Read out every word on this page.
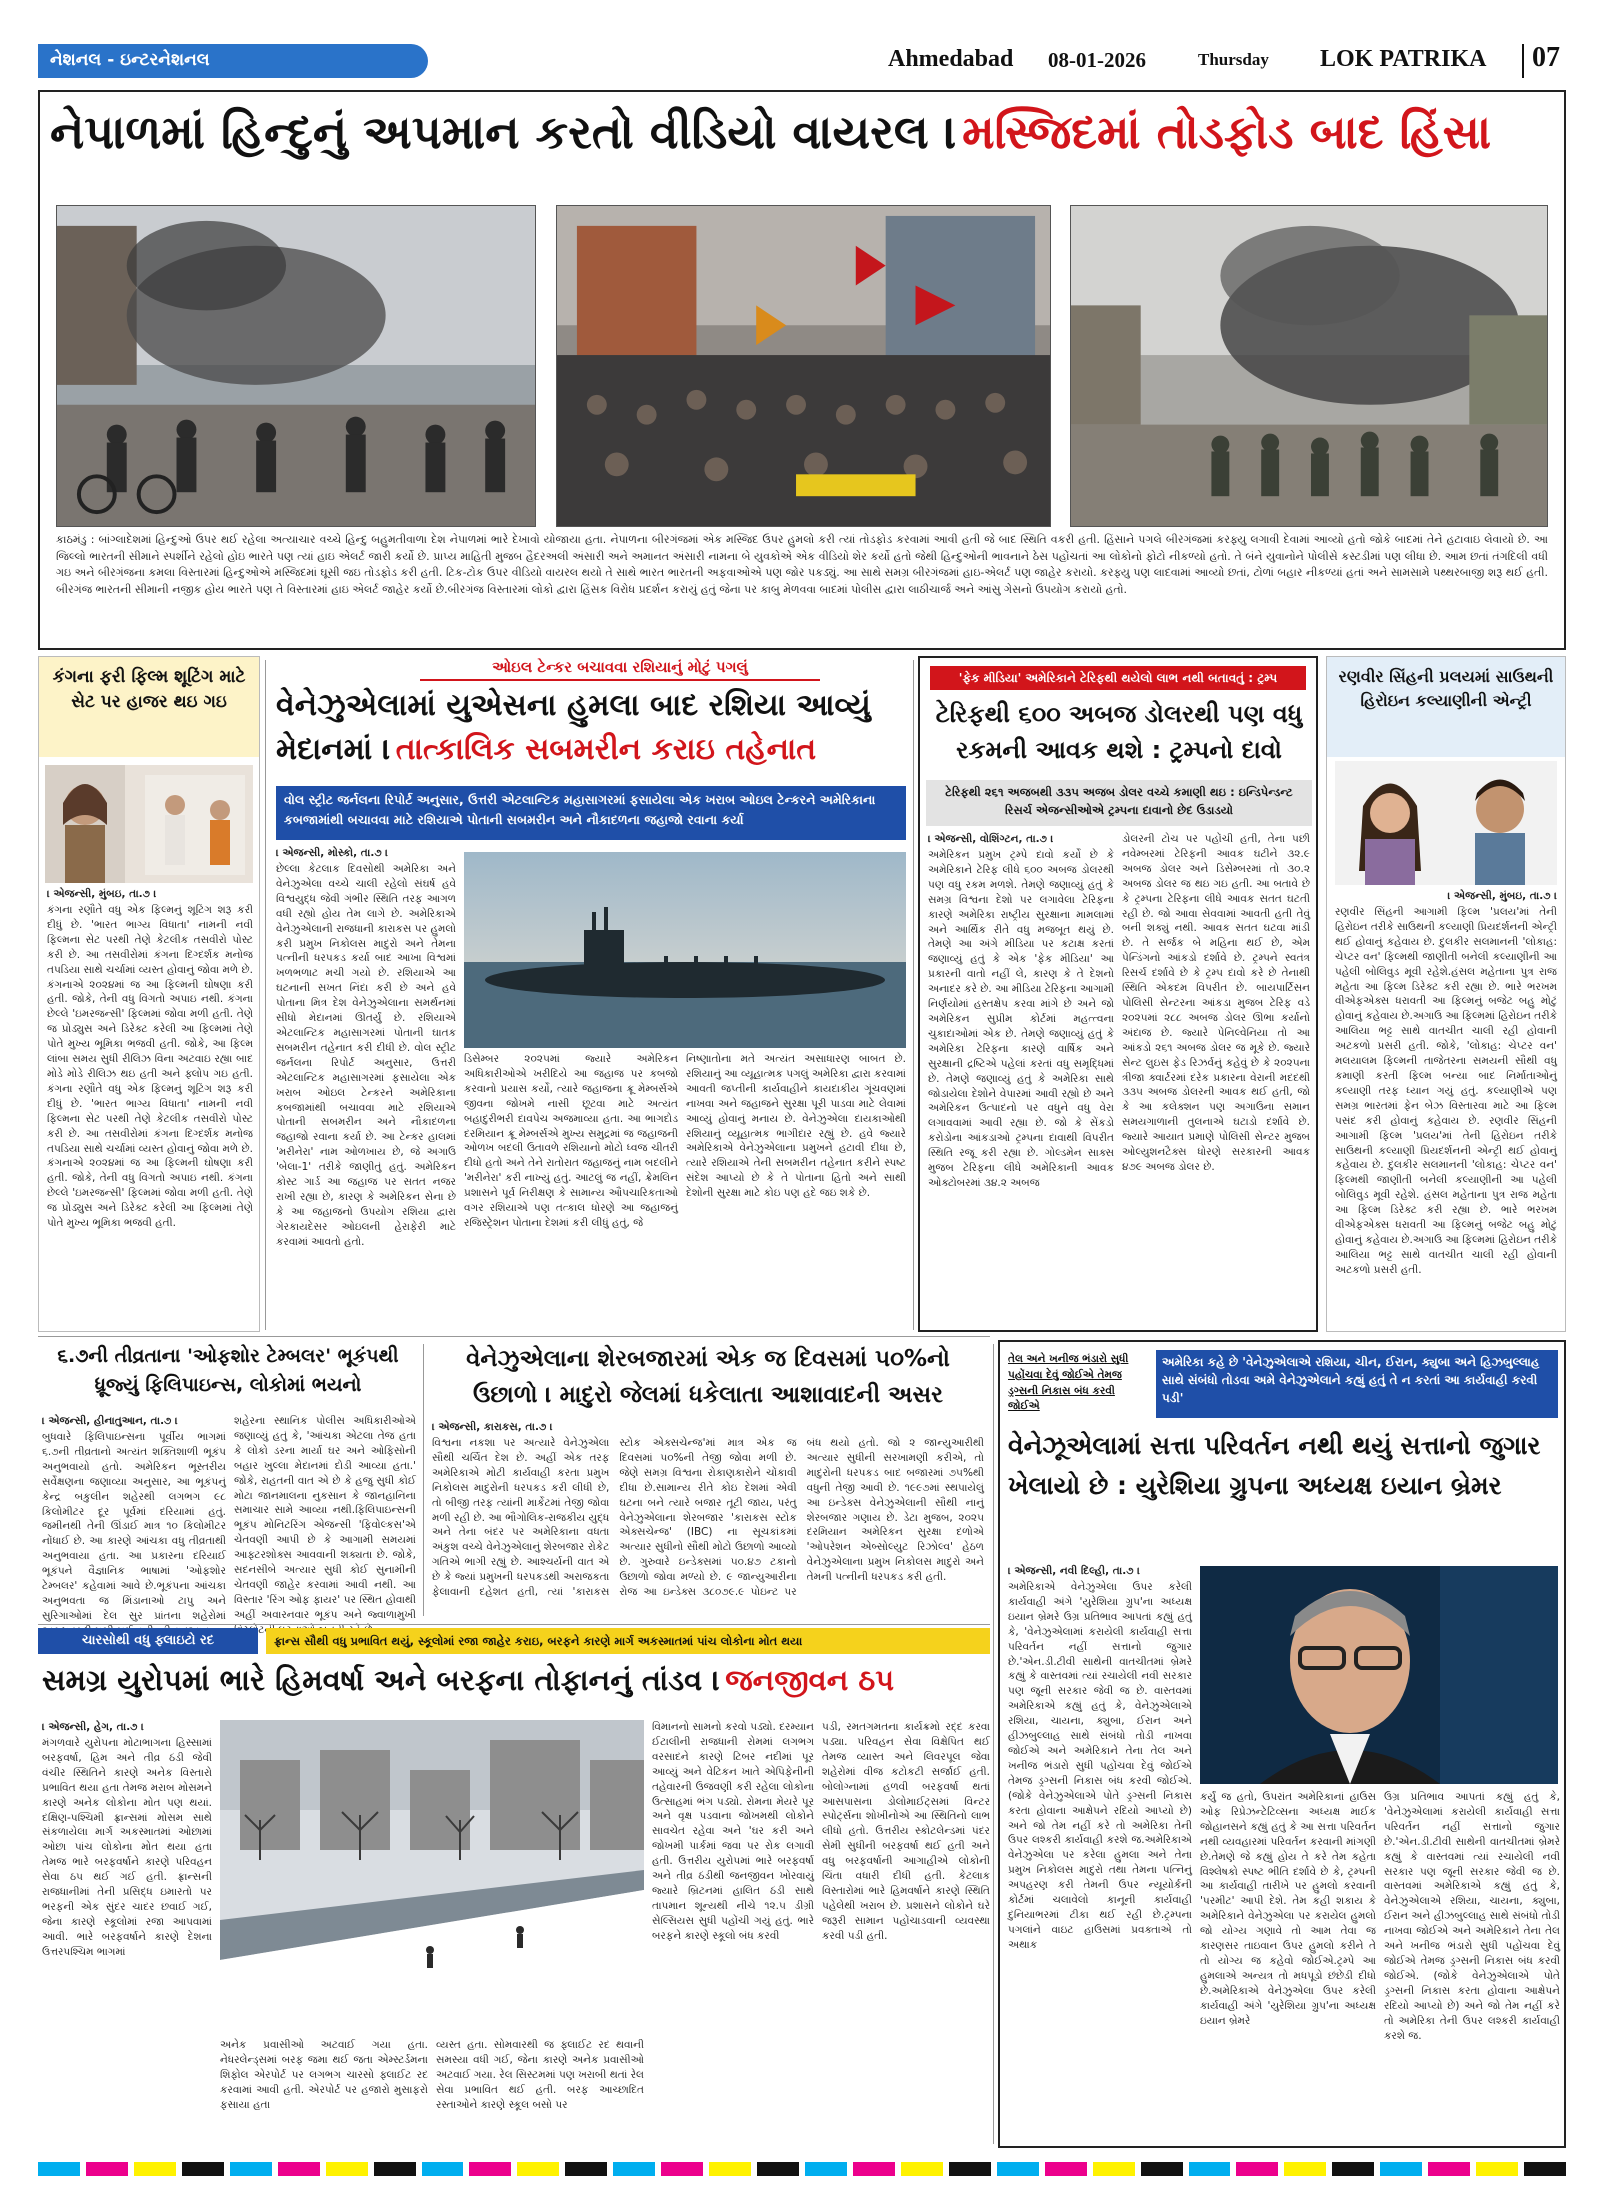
નેશનલ - ઇન્ટરનેશનલ	Ahmedabad 08-01-2026	Thursday LOK PATRIKA 07
નેપાળમાં હિન્દુનું અપમાન કરતો વીડિયો વાયરલ । મસ્જિદમાં તોડફોડ બાદ હિંસા
કાઠમંડુ : બાંગ્લાદેશમાં હિન્દુઓ ઉપર થઈ રહેલા અત્યાચાર વચ્ચે હિન્દુ બહુમતીવાળા દેશ નેપાળમાં ભારે દેખાવો યોજાયા હતા. નેપાળના બીરગંજમાં એક મસ્જિદ ઉપર હુમલો કરી ત્યાં તોડફોડ કરવામાં આવી હતી જે બાદ સ્થિતિ વકરી હતી. હિંસાને પગલે બીરગંજમાં કરફ્યુ લગાવી દેવામાં આવ્યો હતો જોકે બાદમાં તેને હટાવાઇ લેવાયો છે. આ જિલ્લો ભારતની સીમાને સ્પર્શીને રહેલો હોઇ ભારતે પણ ત્યાં હાઇ એલર્ટ જારી કર્યો છે. પ્રાપ્ય માહિતી મુજબ હૈદરઅલી અંસારી અને અમાનત અંસારી નામના બે યુવકોએ એક વીડિયો શેર કર્યો હતો જેથી હિન્દુઓની ભાવનાને ઠેસ પહોંચતાં આ લોકોનો ફોટો નીકળ્યો હતો. તે બંને યુવાનોને પોલીસે કસ્ટડીમાં પણ લીધા છે. આમ છતાં તંગદિલી વધી ગઇ અને બીરગંજના કમલા વિસ્તારમાં હિન્દુઓએ મસ્જિદમાં ઘૂસી જઇ તોડફોડ કરી હતી. ટિક-ટોક ઉપર વીડિયો વાયરલ થયો તે સાથે ભારત ભારતની અફવાઓએ પણ જોર પકડ્યું. આ સાથે સમગ્ર બીરગંજમાં હાઇ-એલર્ટ પણ જાહેર કરાયો. કરફ્યુ પણ લાદવામાં આવ્યો છતાં, ટોળાં બહાર નીકળ્યાં હતાં અને સામસામે પથ્થરબાજી શરૂ થઈ હતી. બીરગંજ ભારતની સીમાની નજીક હોય ભારતે પણ તે વિસ્તારમાં હાઇ એલર્ટ જાહેર કર્યો છે.બીરગંજ વિસ્તારમાં લોકો દ્વારા હિંસક વિરોધ પ્રદર્શન કરાયું હતું જેના પર કાબુ મેળવવા બાદમાં પોલીસ દ્વારા લાઠીચાર્જ અને આંસુ ગેસનો ઉપયોગ કરાયો હતો.
કંગના ફરી ફિલ્મ શૂટિંગ માટે સેટ પર હાજર થઇ ગઇ
। એજન્સી, મુંબઇ, તા.૭ ।
કંગના રણૌતે વધુ એક ફિલ્મનું શૂટિંગ શરૂ કરી દીધું છે. 'ભારત ભાગ્ય વિધાતા' નામની નવી ફિલ્મના સેટ પરથી તેણે કેટલીક તસવીરો પોસ્ટ કરી છે. આ તસવીરોમાં કંગના દિગ્દર્શક મનોજ તપડિયા સાથે ચર્ચામાં વ્યસ્ત હોવાનું જોવા મળે છે. કંગનાએ ૨૦૨૪માં જ આ ફિલ્મની ઘોષણા કરી હતી. જોકે, તેની વધુ વિગતો અપાઇ નથી. કંગના છેલ્લે 'ઇમરજન્સી' ફિલ્મમાં જોવા મળી હતી. તેણે જ પ્રોડ્યુસ અને ડિરેક્ટ કરેલી આ ફિલ્મમાં તેણે પોતે મુખ્ય ભૂમિકા ભજવી હતી. જોકે, આ ફિલ્મ લાંબા સમય સુધી રીલિઝ વિના અટવાઇ રહ્યા બાદ મોડે મોડે રીલિઝ થઇ હતી અને ફ્લોપ ગઇ હતી. કંગના રણૌતે વધુ એક ફિલ્મનું શૂટિંગ શરૂ કરી દીધું છે. 'ભારત ભાગ્ય વિધાતા' નામની નવી ફિલ્મના સેટ પરથી તેણે કેટલીક તસવીરો પોસ્ટ કરી છે. આ તસવીરોમાં કંગના દિગ્દર્શક મનોજ તપડિયા સાથે ચર્ચામાં વ્યસ્ત હોવાનું જોવા મળે છે. કંગનાએ ૨૦૨૪માં જ આ ફિલ્મની ઘોષણા કરી હતી. જોકે, તેની વધુ વિગતો અપાઇ નથી. કંગના છેલ્લે 'ઇમરજન્સી' ફિલ્મમાં જોવા મળી હતી. તેણે જ પ્રોડ્યુસ અને ડિરેક્ટ કરેલી આ ફિલ્મમાં તેણે પોતે મુખ્ય ભૂમિકા ભજવી હતી.
ઓઇલ ટેન્કર બચાવવા રશિયાનું મોટું પગલું
વેનેઝુએલામાં યુએસના હુમલા બાદ રશિયા આવ્યું મેદાનમાં । તાત્કાલિક સબમરીન કરાઇ તહેનાત
વોલ સ્ટ્રીટ જર્નલના રિપોર્ટ અનુસાર, ઉત્તરી એટલાન્ટિક મહાસાગરમાં ફસાયેલા એક ખરાબ ઓઇલ ટેન્કરને અમેરિકાના કબજામાંથી બચાવવા માટે રશિયાએ પોતાની સબમરીન અને નૌકાદળના જહાજો રવાના કર્યા
। એજન્સી, મોસ્કો, તા.૭ ।
છેલ્લા કેટલાક દિવસોથી અમેરિકા અને વેનેઝુએલા વચ્ચે ચાલી રહેલો સંઘર્ષ હવે વિશ્વયુદ્ધ જેવી ગંભીર સ્થિતિ તરફ આગળ વધી રહ્યો હોય તેમ લાગે છે. અમેરિકાએ વેનેઝુએલાની રાજધાની કારાકસ પર હુમલો કરી પ્રમુખ નિકોલસ માદુરો અને તેમના પત્નીની ધરપકડ કર્યા બાદ આખા વિશ્વમાં ખળભળાટ મચી ગયો છે. રશિયાએ આ ઘટનાની સખત નિંદા કરી છે અને હવે પોતાના મિત્ર દેશ વેનેઝુએલાના સમર્થનમાં સીધો મેદાનમાં ઊતર્યું છે. રશિયાએ એટલાન્ટિક મહાસાગરમાં પોતાની ઘાતક સબમરીન તહેનાત કરી દીધી છે. વોલ સ્ટ્રીટ જર્નલના રિપોર્ટ અનુસાર, ઉત્તરી એટલાન્ટિક મહાસાગરમાં ફસાયેલા એક ખરાબ ઓઇલ ટેન્કરને અમેરિકાના કબજામાંથી બચાવવા માટે રશિયાએ પોતાની સબમરીન અને નૌકાદળના જહાજો રવાના કર્યા છે. આ ટેન્કર હાલમાં 'મરીનેરા' નામ ઓળખાય છે, જે અગાઉ 'બેલા-1' તરીકે જાણીતું હતું. અમેરિકન કોસ્ટ ગાર્ડ આ જહાજ પર સતત નજર રાખી રહ્યા છે, કારણ કે અમેરિકન સેના છે કે આ જહાજનો ઉપયોગ રશિયા દ્વારા ગેરકાયદેસર ઓઇલની હેરાફેરી માટે કરવામાં આવતો હતો.
ડિસેમ્બર ૨૦૨૫માં જ્યારે અમેરિકન અધિકારીઓએ ખરીદિયે આ જહાજ પર કબજો કરવાનો પ્રયાસ કર્યો, ત્યારે જહાજના ક્રૂ મેમ્બર્સએ જીવના જોખમે નાસી છૂટવા માટે અત્યંત બહાદુરીભરી દાવપેચ અજમાવ્યા હતા. આ ભાગદોડ દરમિયાન ક્રૂ મેમ્બર્સએ મુખ્ય સમુદ્રમાં જ જહાજની ઓળખ બદલી ઉતાવળે રશિયાનો મોટો ધ્વજ ચીતરી દીધો હતો અને તેને રાતોરાત જહાજનું નામ બદલીને 'મરીનેરા' કરી નાખ્યું હતું. આટલું જ નહીં, ક્રેમલિન પ્રશાસને પૂર્વ નિરીક્ષણ કે સામાન્ય ઔપચારિકતાઓ વગર રશિયાએ પણ તત્કાલ ધોરણે આ જહાજનું રજિસ્ટ્રેશન પોતાના દેશમાં કરી લીધું હતું, જે
નિષ્ણાતોના મતે અત્યંત અસાધારણ બાબત છે. રશિયાનું આ વ્યૂહાત્મક પગલું અમેરિકા દ્વારા કરવામાં આવતી જપ્તીની કાર્યવાહીને કાયદાકીય ગૂંચવણમાં નાખવા અને જહાજને સુરક્ષા પૂરી પાડવા માટે લેવામાં આવ્યું હોવાનું મનાય છે. વેનેઝુએલા દાયકાઓથી રશિયાનું વ્યૂહાત્મક ભાગીદાર રહ્યું છે. હવે જ્યારે અમેરિકાએ વેનેઝુએલાના પ્રમુખને હટાવી દીધા છે, ત્યારે રશિયાએ તેની સબમરીન તહેનાત કરીને સ્પષ્ટ સંદેશ આપ્યો છે કે તે પોતાના હિતો અને સાથી દેશોની સુરક્ષા માટે કોઇ પણ હદે જઇ શકે છે.
'ફેક મીડિયા' અમેરિકાને ટેરિફથી થયેલો લાભ નથી બતાવતું : ટ્રમ્પ
ટેરિફથી ૬૦૦ અબજ ડોલરથી પણ વધુ રકમની આવક થશે : ટ્રમ્પનો દાવો
ટેરિફથી ૨૬૧ અજબથી ૩૩૫ અજબ ડોલર વચ્ચે કમાણી થઇ : ઇન્ડિપેન્ડન્ટ રિસર્ચ એજન્સીઓએ ટ્રમ્પના દાવાનો છેદ ઉડાડયો
। એજન્સી, વોશિંગ્ટન, તા.૭ ।
અમેરિકન પ્રમુખ ટ્રમ્પે દાવો કર્યો છે કે અમેરિકાને ટેરિફ લીધે ૬૦૦ અબજ ડોલરથી પણ વધુ રકમ મળશે. તેમણે જણાવ્યું હતું કે સમગ્ર વિશ્વના દેશો પર લગાવેલા ટેરિફના કારણે અમેરિકા રાષ્ટ્રીય સુરક્ષાના મામલામાં અને આર્થિક રીતે વધુ મજબૂત થયું છે. તેમણે આ અંગે મીડિયા પર કટાક્ષ કરતાં જણાવ્યું હતું કે એક 'ફેક મીડિયા' આ પ્રકારની વાતો નહીં લે, કારણ કે તે દેશનો અનાદર કરે છે. આ મીડિયા ટેરિફના આગામી નિર્ણયોમાં હસ્તક્ષેપ કરવા માંગે છે અને જો અમેરિકન સુપ્રીમ કોર્ટમાં મહત્ત્વના ચુકાદાઓમાં એક છે. તેમણે જણાવ્યું હતું કે અમેરિકા ટેરિફના કારણે વાર્ષિક અને સુરક્ષાની દ્રષ્ટિએ પહેલાં કરતાં વધુ સમૃદ્ધિમાં છે. તેમણે જણાવ્યું હતું કે અમેરિકા સાથે જોડાયેલા દેશોને વેપારમાં આવી રહ્યો છે અને અમેરિકન ઉત્પાદનો પર વધુને વધુ વેરા લગાવવામાં આવી રહ્યા છે. જો કે સેંકડો કરોડોના આંકડાઓ ટ્રમ્પના દાવાથી વિપરીત સ્થિતિ રજૂ કરી રહ્યા છે. ગોલ્ડમેન સાક્સ મુજબ ટેરિફના લીધે અમેરિકાની આવક ઓક્ટોબરમાં ૩૪.૨ અબજ
ડોલરની ટોચ પર પહોંચી હતી, તેના પછી નવેમ્બરમાં ટેરિફની આવક ઘટીને ૩૨.૯ અબજ ડોલર અને ડિસેમ્બરમાં તો ૩૦.૨ અબજ ડોલર જ થઇ ગઇ હતી. આ બતાવે છે કે ટ્રમ્પના ટેરિફના લીધે આવક સતત ઘટતી રહી છે. જો આવા સેવવામાં આવતી હતી તેવું બની શક્યું નથી. આવક સતત ઘટવા માંડી છે. તે સર્જક બે મહિના થઈ છે, એમ પેન્ડિંગનો આંકડો દર્શાવે છે. ટ્રમ્પને સ્વતંત્ર રિસર્ચ દર્શાવે છે કે ટ્રમ્પ દાવો કરે છે તેનાથી સ્થિતિ એકદમ વિપરીત છે. બાયપાર્ટિસન પોલિસી સેન્ટરના આંકડા મુજબ ટેરિફ વડે ૨૦૨૫માં ૨૮૮ અબજ ડોલર ઊભા કર્યાનો અંદાજ છે. જ્યારે પેનિલ્વેનિયા તો આ આંકડો ૨૬૧ અબજ ડોલર જ મૂકે છે. જ્યારે સેન્ટ લુઇસ ફેડ રિઝર્વનું કહેવું છે કે ૨૦૨૫ના ત્રીજા ક્વાર્ટરમાં દરેક પ્રકારના વેરાની મદદથી ૩૩૫ અબજ ડોલરની આવક થઈ હતી, જો કે આ કલેક્શન પણ અગાઉના સમાન સમયગાળાની તુલનાએ ઘટાડો દર્શાવે છે. જ્યારે આયાત પ્રમાણે પોલિસી સેન્ટર મુજબ ઓલ્યુશનટૈક્સ ધોરણે સરકારની આવક ૪૭૯ અબજ ડોલર છે.
રણવીર સિંહની પ્રલયમાં સાઉથની હિરોઇન કલ્યાણીની એન્ટ્રી
। એજન્સી, મુંબઇ, તા.૭ ।
રણવીર સિંહની આગામી ફિલ્મ 'પ્રલય'માં તેની હિરોઇન તરીકે સાઉથની કલ્યાણી પ્રિયદર્શનની એન્ટ્રી થઈ હોવાનું કહેવાય છે. દુલકીર સલમાનની 'લોકાહ: ચેપ્ટર વન' ફિલ્મથી જાણીતી બનેલી કલ્યાણીની આ પહેલી બોલિવુડ મૂવી રહેશે.હંસલ મહેતાના પુત્ર રાજ મહેતા આ ફિલ્મ ડિરેક્ટ કરી રહ્યા છે. ભારે ભરખમ વીએફએક્સ ધરાવતી આ ફિલ્મનું બજેટ બહુ મોટું હોવાનું કહેવાય છે.અગાઉ આ ફિલ્મમાં હિરોઇન તરીકે આલિયા ભટ્ટ સાથે વાતચીત ચાલી રહી હોવાની અટકળો પ્રસરી હતી. જોકે, 'લોકાહ: ચેપ્ટર વન' મલયાલમ ફિલ્મની તાજેતરના સમયની સૌથી વધુ કમાણી કરતી ફિલ્મ બન્યા બાદ નિર્માતાઓનું કલ્યાણી તરફ ધ્યાન ગયું હતું. કલ્યાણીએ પણ સમગ્ર ભારતમાં ફેન બેઝ વિસ્તારવા માટે આ ફિલ્મ પસંદ કરી હોવાનું કહેવાય છે. રણવીર સિંહની આગામી ફિલ્મ 'પ્રલય'માં તેની હિરોઇન તરીકે સાઉથની કલ્યાણી પ્રિયદર્શનની એન્ટ્રી થઈ હોવાનું કહેવાય છે. દુલકીર સલમાનની 'લોકાહ: ચેપ્ટર વન' ફિલ્મથી જાણીતી બનેલી કલ્યાણીની આ પહેલી બોલિવુડ મૂવી રહેશે. હંસલ મહેતાના પુત્ર રાજ મહેતા આ ફિલ્મ ડિરેક્ટ કરી રહ્યા છે. ભારે ભરખમ વીએફએક્સ ધરાવતી આ ફિલ્મનું બજેટ બહુ મોટું હોવાનું કહેવાય છે.અગાઉ આ ફિલ્મમાં હિરોઇન તરીકે આલિયા ભટ્ટ સાથે વાતચીત ચાલી રહી હોવાની અટકળો પ્રસરી હતી.
૬.૭ની તીવ્રતાના 'ઓફશોર ટેમ્બલર' ભૂકંપથી ધ્રૂજ્યું ફિલિપાઇન્સ, લોકોમાં ભયનો
। એજન્સી, હીનાતુઆન, તા.૭ ।
બુધવારે ફિલિપાઇન્સના પૂર્વીય ભાગમાં ૬.૭ની તીવ્રતાનો અત્યંત શક્તિશાળી ભૂકંપ અનુભવાયો હતો. અમેરિકન ભૂસ્તરીય સર્વેક્ષણના જણાવ્યા અનુસાર, આ ભૂકંપનું કેન્દ્ર બકુલીન શહેરથી લગભગ ૯૮ કિલોમીટર દૂર પૂર્વમાં દરિયામાં હતું. જમીનથી તેની ઊંડાઈ માત્ર ૧૦ કિલોમીટર નોંધાઈ છે. આ કારણે આંચકા વધુ તીવ્રતાથી અનુભવાયા હતા. આ પ્રકારના દરિયાઈ ભૂકંપને વૈજ્ઞાનિક ભાષામાં 'ઓફશોર ટેમ્બલર' કહેવામાં આવે છે.ભૂકંપના આંચકા અનુભવતા જ મિંડાનાઓ ટાપુ અને સુરિગાઓમાં દેલ સુર પ્રાંતના શહેરોમાં
શહેરના સ્થાનિક પોલીસ અધિકારીઓએ જણાવ્યું હતું કે, 'આંચકા એટલા તેજ હતા કે લોકો ડરના માર્યા ઘર અને ઓફિસોની બહાર ખુલ્લા મેદાનમાં દોડી આવ્યા હતા.' જોકે, રાહતની વાત એ છે કે હજુ સુધી કોઈ મોટા જાનમાલના નુકસાન કે જાનહાનિના સમાચાર સામે આવ્યા નથી.ફિલિપાઇન્સની ભૂકંપ મોનિટરિંગ એજન્સી 'ફિવોલ્કસ'એ ચેતવણી આપી છે કે આગામી સમયમાં આફ્ટરશોક્સ આવવાની શક્યતા છે. જોકે, સદનસીબે અત્યાર સુધી કોઈ સુનામીની ચેતવણી જાહેર કરવામાં આવી નથી. આ વિસ્તાર 'રિંગ ઓફ ફાયર' પર સ્થિત હોવાથી અહીં અવારનવાર ભૂકંપ અને જ્વાળામુખી
વેનેઝુએલાના શેરબજારમાં એક જ દિવસમાં ૫૦%નો ઉછાળો । માદુરો જેલમાં ધકેલાતા આશાવાદની અસર
। એજન્સી, કારાકસ, તા.૭ ।
વિશ્વના નકશા પર અત્યારે વેનેઝુએલા સૌથી ચર્ચિત દેશ છે. અહીં એક તરફ અમેરિકાએ મોટી કાર્યવાહી કરતા પ્રમુખ નિકોલસ માદુરોની ધરપકડ કરી લીધી છે, તો બીજી તરફ ત્યાંની માર્કેટમાં તેજી જોવા મળી રહી છે. આ ભૌગોલિક-રાજકીય યુદ્ધ અને તેના બંદર પર અમેરિકાના વધતા અંકુશ વચ્ચે વેનેઝુએલાનું શેરબજાર રોકેટ ગતિએ ભાગી રહ્યું છે. આશ્ચર્યની વાત એ છે કે જ્યાં પ્રમુખની ધરપકડથી અરાજકતા ફેલાવાની દહેશત હતી, ત્યાં 'કારાકસ સ્ટોક એક્સચેન્જ'માં માત્ર એક જ દિવસમાં ૫૦%ની તેજી જોવા મળી છે. જેણે સમગ્ર વિશ્વના રોકાણકારોને ચોંકાવી દીધા છે.સામાન્ય રીતે કોઇ દેશમાં એવી ઘટના બને ત્યારે બજાર તૂટી જાય, પરંતુ વેનેઝુએલાના શેરબજાર 'કારાકસ સ્ટોક એક્સચેન્જ' (IBC) ના સૂચકાંકમાં અત્યાર સુધીનો સૌથી મોટો ઉછાળો આવ્યો છે. ગુરુવારે ઇન્ડેક્સમાં ૫૦.૪૭ ટકાનો ઉછાળો જોવા મળ્યો છે. ૯ જાન્યુઆરીના રોજ આ ઇન્ડેક્સ ૩૮૦૭૯.૯ પોઇન્ટ પર બંધ થયો હતો. જો ૨ જાન્યુઆરીથી અત્યાર સુધીની સરખામણી કરીએ, તો માદુરોની ધરપકડ બાદ બજારમાં ૭૫%થી વધુની તેજી આવી છે. ૧૯૯૭માં સ્થપાયેલું આ ઇન્ડેક્સ વેનેઝુએલાની સૌથી નાનું શેરબજાર ગણાય છે. ડેટા મુજબ, ૨૦૨૫ દરમિયાન અમેરિકન સુરક્ષા દળોએ 'ઓપરેશન એબ્સોલ્યુટ રિઝોલ્વ' હેઠળ વેનેઝુએલાના પ્રમુખ નિકોલસ માદુરો અને તેમની પત્નીની ધરપકડ કરી હતી.
તેલ અને ખનીજ ભંડારો સુધી પહોંચવા દેવું જોઈએ તેમજ ડ્રગ્સની નિકાસ બંધ કરવી જોઈએ
અમેરિકા કહે છે 'વેનેઝુએલાએ રશિયા, ચીન, ઈરાન, ક્યુબા અને હિઝબુલ્લાહ સાથે સંબંધો તોડવા અમે વેનેઝુએલાને કહ્યું હતું તે ન કરતાં આ કાર્યવાહી કરવી પડી'
વેનેઝૂએલામાં સત્તા પરિવર્તન નથી થયું સત્તાનો જુગાર ખેલાયો છે : યુરેશિયા ગ્રુપના અધ્યક્ષ ઇયાન બ્રેમર
। એજન્સી, નવી દિલ્હી, તા.૭ ।
અમેરિકાએ વેનેઝુએલા ઉપર કરેલી કાર્યવાહી અંગે 'યુરેશિયા ગ્રુપ'ના અધ્યક્ષ ઇયાન બ્રેમરે ઉગ્ર પ્રતિભાવ આપતાં કહ્યું હતું કે, 'વેનેઝુએલામાં કરાયેલી કાર્યવાહી સત્તા પરિવર્તન નહીં સત્તાનો જુગાર છે.'એન.ડી.ટીવી સાથેની વાતચીતમાં બ્રેમરે કહ્યું કે વાસ્તવમાં ત્યાં રચાયેલી નવી સરકાર પણ જૂની સરકાર જેવી જ છે. વાસ્તવમાં અમેરિકાએ કહ્યું હતું કે, વેનેઝુએલાએ રશિયા, ચાયના, ક્યુબા, ઈરાન અને હીઝબુલ્લાહ સાથે સંબંધો તોડી નાખવા જોઈએ અને અમેરિકાને તેના તેલ અને ખનીજ ભંડારો સુધી પહોંચવા દેવું જોઈએ તેમજ ડ્રગ્સની નિકાસ બંધ કરવી જોઈએ. (જોકે વેનેઝુએલાએ પોતે ડ્રગ્સની નિકાસ કરતા હોવાના આક્ષેપને રદિયો આપ્યો છે) અને જો તેમ નહીં કરે તો અમેરિકા તેની ઉપર લશ્કરી કાર્યવાહી કરશે જ.અમેરિકાએ વેનેઝુએલા પર કરેલા હુમલા અને તેના પ્રમુખ નિકોલસ માદુરો તથા તેમના પત્નિનું અપહરણ કરી તેમની ઉપર ન્યૂયોર્કની કોર્ટમાં ચલાવેલો કાનૂની કાર્યવાહી દુનિયાભરમાં ટીકા થઈ રહી છે.ટ્રમ્પના પગલાંને વાઇટ હાઉસમાં પ્રવક્તાએ તો અથાક
કર્યું જ હતો, ઉપરાંત અમેરિકાનાં હાઉસ ઓફ રિપ્રેઝન્ટેટિવ્સના અધ્યક્ષ માઈક જોહાનસને કહ્યું હતું કે આ સત્તા પરિવર્તન નથી વ્યવહારમાં પરિવર્તન કરવાની માંગણી છે.તેમણે જે કહ્યું હોય તે કરે તેમ કહેતા વિશ્લેષકો સ્પષ્ટ ભીતિ દર્શાવે છે કે, ટ્રમ્પની આ કાર્યવાહી તારીખે પર હુમલો કરવાની 'પરમીટ' આપી દેશે. તેમ કહી શકાય કે અમેરિકાને વેનેઝુએલા પર કરાયેલ હુમલો જો યોગ્ય ગણાવે તો આમ તેવા જ કારણસર તાઇવાન ઉપર હુમલો કરીને તે તો યોગ્ય જ કહેવો જોઈએ.ટ્રમ્પે આ હુમલાએ અન્યત્ર તો મધપૂડો છંછેડી દીધો છે.અમેરિકાએ વેનેઝુએલા ઉપર કરેલી કાર્યવાહી અંગે 'યુરેશિયા ગ્રુપ'ના અધ્યક્ષ ઇયાન બ્રેમરે
ઉગ્ર પ્રતિભાવ આપતાં કહ્યું હતું કે, 'વેનેઝુએલામાં કરાયેલી કાર્યવાહી સત્તા પરિવર્તન નહીં સત્તાનો જુગાર છે.'એન.ડી.ટીવી સાથેની વાતચીતમાં બ્રેમરે કહ્યું કે વાસ્તવમાં ત્યાં રચાયેલી નવી સરકાર પણ જૂની સરકાર જેવી જ છે. વાસ્તવમાં અમેરિકાએ કહ્યું હતું કે, વેનેઝુએલાએ રશિયા, ચાયના, ક્યુબા, ઈરાન અને હીઝબુલ્લાહ સાથે સંબંધો તોડી નાખવા જોઈએ અને અમેરિકાને તેના તેલ અને ખનીજ ભંડારો સુધી પહોંચવા દેવું જોઈએ તેમજ ડ્રગ્સની નિકાસ બંધ કરવી જોઈએ. (જોકે વેનેઝુએલાએ પોતે ડ્રગ્સની નિકાસ કરતા હોવાના આક્ષેપને રદિયો આપ્યો છે) અને જો તેમ નહીં કરે તો અમેરિકા તેની ઉપર લશ્કરી કાર્યવાહી કરશે જ.
ચારસોથી વધુ ફ્લાઇટો રદ	ફ્રાન્સ સૌથી વધુ પ્રભાવિત થયું, સ્કૂલોમાં રજા જાહેર કરાઇ, બરફને કારણે માર્ગ અકસ્માતમાં પાંચ લોકોના મોત થયા
સમગ્ર યુરોપમાં ભારે હિમવર્ષા અને બરફના તોફાનનું તાંડવ । જનજીવન ઠપ
। એજન્સી, હેગ, તા.૭ ।
મંગળવારે યુરોપના મોટાભાગના હિસ્સામાં બરફવર્ષા, હિમ અને તીવ્ર ઠંડી જેવી વંચીર સ્થિતિને કારણે અનેક વિસ્તારો પ્રભાવિત થયા હતા તેમજ મરાબ મોસમને કારણે અનેક લોકોના મોત પણ થયાં. દક્ષિણ-પશ્ચિમી ફ્રાન્સમાં મોસમ સાથે સંકળાયેલા માર્ગ અકસ્માતમાં ઓછામાં ઓછા પાંચ લોકોના મોત થયા હતા તેમજ ભારે બરફવર્ષાને કારણે પરિવહન સેવા ઠપ થઈ ગઈ હતી. ફ્રાન્સની રાજધાનીમાં તેની પ્રસિદ્ધ ઇમારતો પર ભરફની એક સુંદર ચાદર છવાઈ ગઈ, જેના કારણે સ્કૂલોમાં રજા આપવામાં આવી. ભારે બરફવર્ષાને કારણે દેશના ઉત્તરપશ્ચિમ ભાગમાં
અનેક પ્રવાસીઓ અટવાઈ ગયા હતા. નેધરલેન્ડ્સમાં બરફ જમા થઈ જતા એમ્સ્ટર્ડમના શિફોલ એરપોર્ટ પર લગભગ ચારસો ફ્લાઈટ રદ કરવામાં આવી હતી. એરપોર્ટ પર હજારો મુસાફરો ફસાયા હતા
વ્યસ્ત હતા. સોમવારથી જ ફ્લાઈટ રદ થવાની સમસ્યા વધી ગઈ, જેના કારણે અનેક પ્રવાસીઓ અટવાઈ ગયા. રેલ સિસ્ટમમાં પણ ખરાબી થતાં રેલ સેવા પ્રભાવિત થઈ હતી. બરફ આચ્છાદિત રસ્તાઓને કારણે સ્કૂલ બસો પર
વિમાનનો સામનો કરવો પડ્યો. દરમ્યાન ઈટાલીની રાજધાની રોમમાં લગભગ વરસાદને કારણે ટિબર નદીમાં પૂર આવ્યું અને વેટિકન ખાતે એપિફેનીની તહેવારની ઉજવણી કરી રહેલા લોકોના ઉત્સાહમાં ભંગ પડ્યો. રોમના મેયરે પૂર અને વૃક્ષ પડવાના જોખમથી લોકોને સાવચેત રહેવા અને 'ઘર કરી અને જોખમી પાર્કમાં જવા પર રોક લગાવી હતી. ઉત્તરીય યુરોપમાં ભારે બરફવર્ષા અને તીવ્ર ઠંડીથી જનજીવન ખોરવાયું જ્યારે બ્રિટનમાં હાલિત ઠંડી સાથે તાપમાન શૂન્યથી નીચે ૧૨.૫ ડીગ્રી સેલ્સિયસ સુધી પહોંચી ગયું હતું. ભારે બરફને કારણે સ્કૂલો બંધ કરવી
પડી, રમતગમતના કાર્યક્રમો રદ્દ કરવા પડ્યા. પરિવહન સેવા વિક્ષેપિત થઈ તેમજ વ્યાસ્ત અને લિવરપૂલ જેવા શહેરોમાં વીજ કટોકટી સર્જાઈ હતી. બોલોગ્નામાં હળવી બરફવર્ષા થતાં આસપાસના ડોલોમાઈટ્સમાં વિન્ટર સ્પોર્ટ્સના શોખીનોએ આ સ્થિતિનો લાભ લીધો હતો. ઉત્તરીય સ્કોટલેન્ડમાં પંદર સેમી સુધીની બરફવર્ષા થઈ હતી અને વધુ બરફવર્ષાની આગાહીએ લોકોની ચિંતા વધારી દીધી હતી. કેટલાક વિસ્તારોમાં ભારે હિમવર્ષાને કારણે સ્થિતિ પહેલેથી ખરાબ છે. પ્રશાસને લોકોને ઘરે જરૂરી સામાન પહોંચાડવાની વ્યવસ્થા કરવી પડી હતી.
